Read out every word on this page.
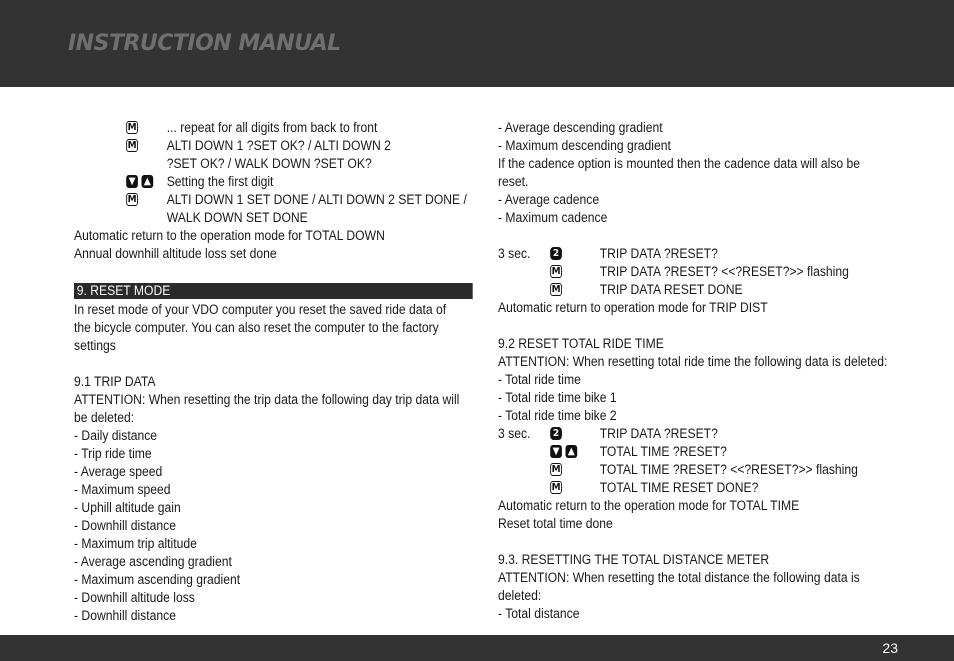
INSTRUCTION MANUAL
M	... repeat for all digits from back to front
M	ALTI DOWN 1 ?SET OK? / ALTI DOWN 2
?SET OK? / WALK DOWN ?SET OK?
▼ ▲	Setting the first digit
M	ALTI DOWN 1 SET DONE / ALTI DOWN 2 SET DONE /
WALK DOWN SET DONE
Automatic return to the operation mode for TOTAL DOWN
Annual downhill altitude loss set done
9. RESET MODE
In reset mode of your VDO computer you reset the saved ride data of
the bicycle computer. You can also reset the computer to the factory
settings
9.1 TRIP DATA
ATTENTION: When resetting the trip data the following day trip data will
be deleted:
- Daily distance
- Trip ride time
- Average speed
- Maximum speed
- Uphill altitude gain
- Downhill distance
- Maximum trip altitude
- Average ascending gradient
- Maximum ascending gradient
- Downhill altitude loss
- Downhill distance
- Average descending gradient
- Maximum descending gradient
If the cadence option is mounted then the cadence data will also be
reset.
- Average cadence
- Maximum cadence
3 sec. 2	TRIP DATA ?RESET?
M	TRIP DATA ?RESET? <<?RESET?>> flashing
M	TRIP DATA RESET DONE
Automatic return to operation mode for TRIP DIST
9.2 RESET TOTAL RIDE TIME
ATTENTION: When resetting total ride time the following data is deleted:
- Total ride time
- Total ride time bike 1
- Total ride time bike 2
3 sec. 2	TRIP DATA ?RESET?
▼ ▲	TOTAL TIME ?RESET?
M	TOTAL TIME ?RESET? <<?RESET?>> flashing
M	TOTAL TIME RESET DONE?
Automatic return to the operation mode for TOTAL TIME
Reset total time done
9.3. RESETTING THE TOTAL DISTANCE METER
ATTENTION: When resetting the total distance the following data is
deleted:
- Total distance
23
